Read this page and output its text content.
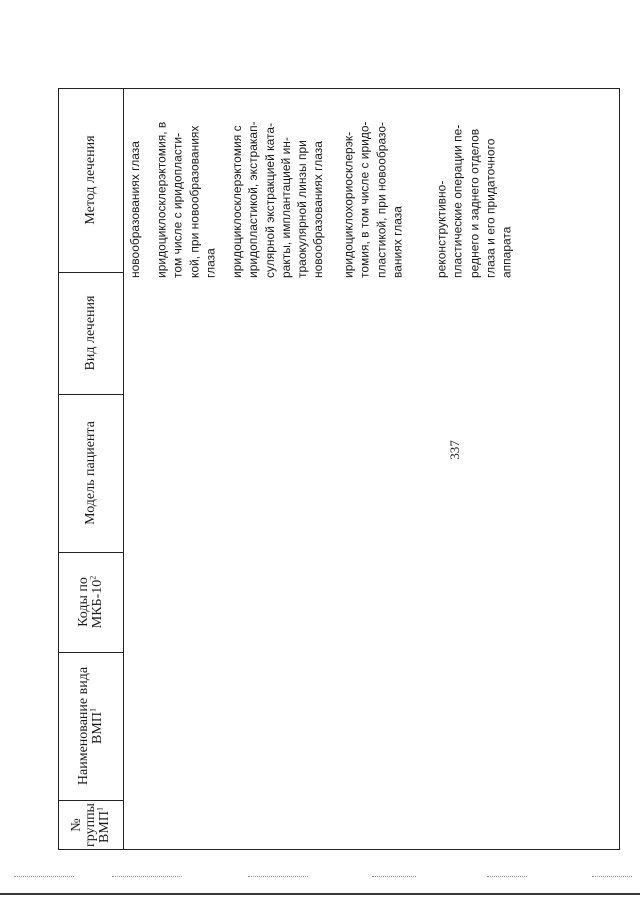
337
№
группы
ВМП$^1$
Наименование вида
ВМП$^1$
Коды по
МКБ-$10^2$
Модель пациента
Вид лечения
Метод лечения новообразованиях глаза иридоциклосклерэктомия, в
том числе с иридопласти-
кой, при новообразованиях
глаза иридоциклосклерэктомия с
иридопластикой, экстракап-
сулярной экстракцией ката-
ракты, имплантацией ин-
траокулярной линзы при
новообразованиях глаза иридоциклохориосклерэк-
томия, в том числе с иридо-
пластикой, при новообразо-
ваниях глаза реконструктивно-
пластические операции пе-
реднего и заднего отделов
глаза и его придаточного
аппарата
